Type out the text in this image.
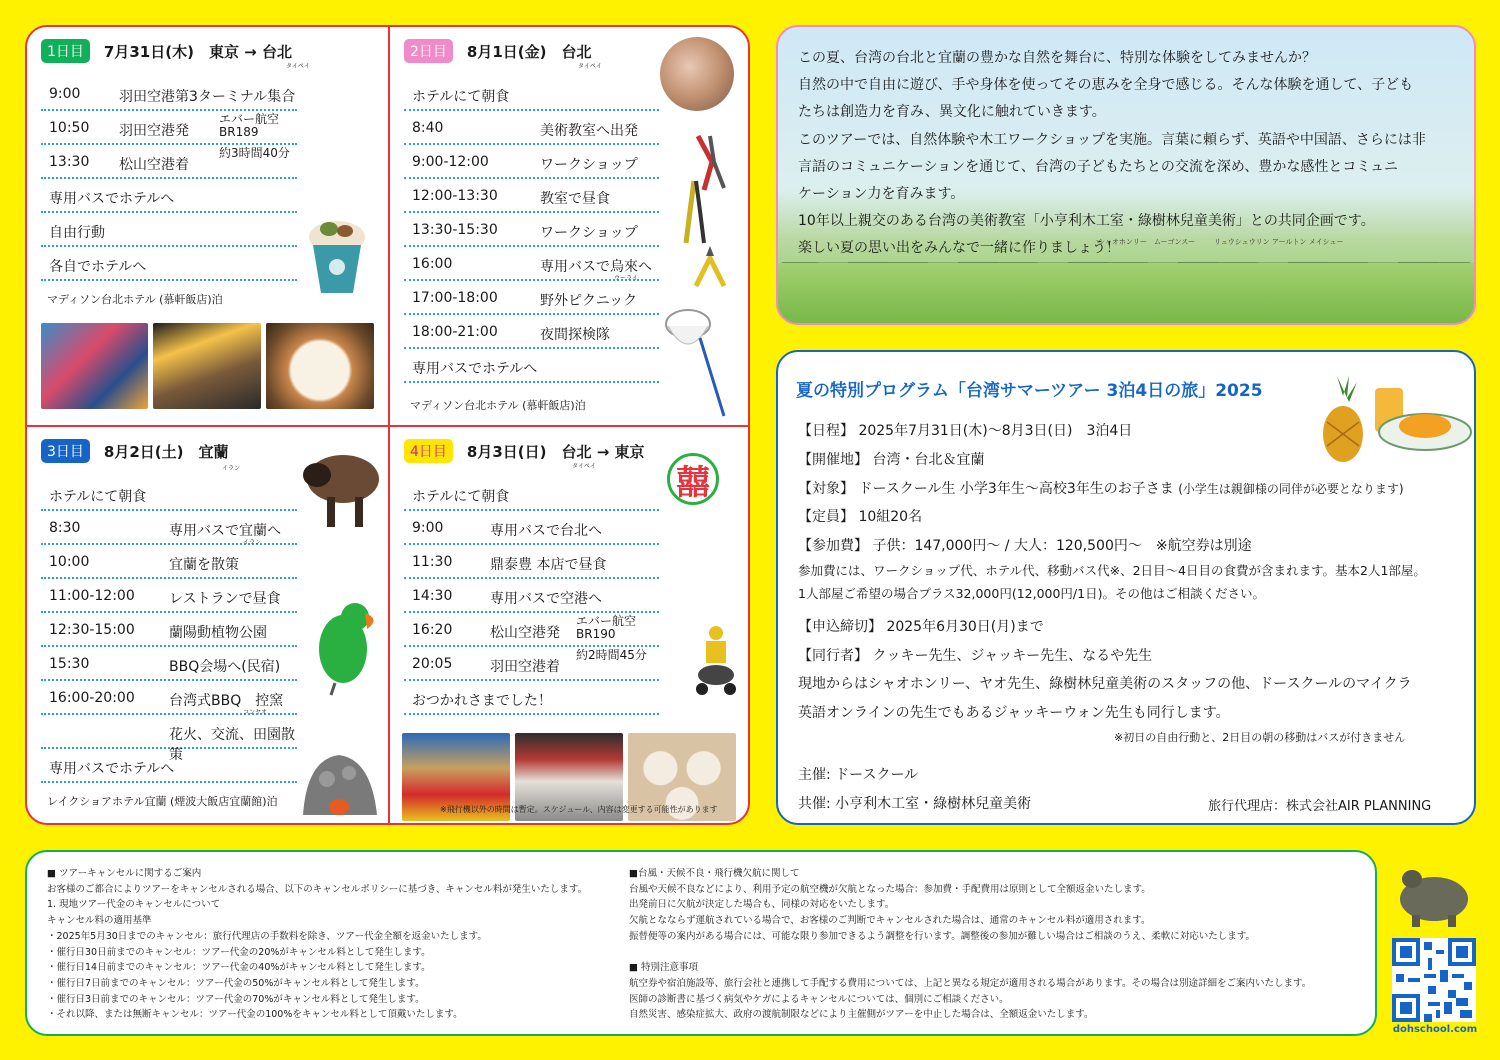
1日目	7月31日(木)　東京 → 台北
タイペイ
9:00	羽田空港第3ターミナル集合
10:50 羽田空港発
エバー航空
BR189
13:30 松山空港着
約3時間40分
専用バスでホテルへ
自由行動
各自でホテルへ
マディソン台北ホテル (慕軒飯店)泊
2日目	8月1日(金)　台北
タイペイ
ホテルにて朝食
8:40	美術教室へ出発
9:00-12:00	ワークショップ
12:00-13:30	教室で昼食
13:30-15:30	ワークショップ
16:00	専用バスで烏來へ
ウーライ
17:00-18:00	野外ピクニック
18:00-21:00	夜間探検隊
専用バスでホテルへ
マディソン台北ホテル (慕軒飯店)泊
3日目	8月2日(土)　宜蘭
イラン
ホテルにて朝食
8:30	専用バスで宜蘭へ
イラン
10:00	宜蘭を散策
11:00-12:00 レストランで昼食
12:30-15:00 蘭陽動植物公園
15:30	BBQ会場へ(民宿)
16:00-20:00 台湾式BBQ　控窯
コンヤオ
花火、交流、田園散策
専用バスでホテルへ
レイクショアホテル宜蘭 (煙波大飯店宜蘭館)泊
4日目	8月3日(日)　台北 → 東京
タイペイ
ホテルにて朝食
9:00	専用バスで台北へ
11:30	鼎泰豊 本店で昼食
14:30	専用バスで空港へ
16:20	松山空港発
エバー航空
BR190
20:05	羽田空港着
約2時間45分
おつかれさまでした！
囍
※飛行機以外の時間は暫定。スケジュール、内容は変更する可能性があります
この夏、台湾の台北と宜蘭の豊かな自然を舞台に、特別な体験をしてみませんか？
自然の中で自由に遊び、手や身体を使ってその恵みを全身で感じる。そんな体験を通して、子ども
たちは創造力を育み、異文化に触れていきます。
このツアーでは、自然体験や木工ワークショップを実施。言葉に頼らず、英語や中国語、さらには非
言語のコミュニケーションを通じて、台湾の子どもたちとの交流を深め、豊かな感性とコミュニ
ケーション力を育みます。
10年以上親交のある台湾の美術教室「小亨利木工室・綠樹林兒童美術」との共同企画です。
楽しい夏の思い出をみんなで一緒に作りましょう！
シャオホンリー　ムーゴンスー	リュウシュウリン アールトン メイシュー
夏の特別プログラム「台湾サマーツアー 3泊4日の旅」2025
【日程】 2025年7月31日(木)〜8月3日(日)　3泊4日
【開催地】 台湾・台北＆宜蘭
【対象】 ドースクール生 小学3年生〜高校3年生のお子さま (小学生は親御様の同伴が必要となります)
【定員】 10組20名
【参加費】 子供：147,000円〜 / 大人：120,500円〜　※航空券は別途
参加費には、ワークショップ代、ホテル代、移動バス代※、2日目〜4日目の食費が含まれます。基本2人1部屋。
1人部屋ご希望の場合プラス32,000円(12,000円/1日)。その他はご相談ください。
【申込締切】 2025年6月30日(月)まで
【同行者】 クッキー先生、ジャッキー先生、なるや先生
現地からはシャオホンリー、ヤオ先生、綠樹林兒童美術のスタッフの他、ドースクールのマイクラ
英語オンラインの先生でもあるジャッキーウォン先生も同行します。
※初日の自由行動と、2日目の朝の移動はバスが付きません
主催: ドースクール
共催: 小亨利木工室・綠樹林兒童美術	旅行代理店：株式会社AIR PLANNING
■ ツアーキャンセルに関するご案内
お客様のご都合によりツアーをキャンセルされる場合、以下のキャンセルポリシーに基づき、キャンセル料が発生いたします。
1. 現地ツアー代金のキャンセルについて
キャンセル料の適用基準
・2025年5月30日までのキャンセル：旅行代理店の手数料を除き、ツアー代金全額を返金いたします。
・催行日30日前までのキャンセル：ツアー代金の20%がキャンセル料として発生します。
・催行日14日前までのキャンセル：ツアー代金の40%がキャンセル料として発生します。
・催行日7日前までのキャンセル：ツアー代金の50%がキャンセル料として発生します。
・催行日3日前までのキャンセル：ツアー代金の70%がキャンセル料として発生します。
・それ以降、または無断キャンセル：ツアー代金の100%をキャンセル料として頂戴いたします。
■台風・天候不良・飛行機欠航に関して
台風や天候不良などにより、利用予定の航空機が欠航となった場合：参加費・手配費用は原則として全額返金いたします。
出発前日に欠航が決定した場合も、同様の対応をいたします。
欠航となならず運航されている場合で、お客様のご判断でキャンセルされた場合は、通常のキャンセル料が適用されます。
振替便等の案内がある場合には、可能な限り参加できるよう調整を行います。調整後の参加が難しい場合はご相談のうえ、柔軟に対応いたします。
■ 特別注意事項
航空券や宿泊施設等、旅行会社と連携して手配する費用については、上記と異なる規定が適用される場合があります。その場合は別途詳細をご案内いたします。
医師の診断書に基づく病気やケガによるキャンセルについては、個別にご相談ください。
自然災害、感染症拡大、政府の渡航制限などにより主催側がツアーを中止した場合は、全額返金いたします。
dohschool.com
